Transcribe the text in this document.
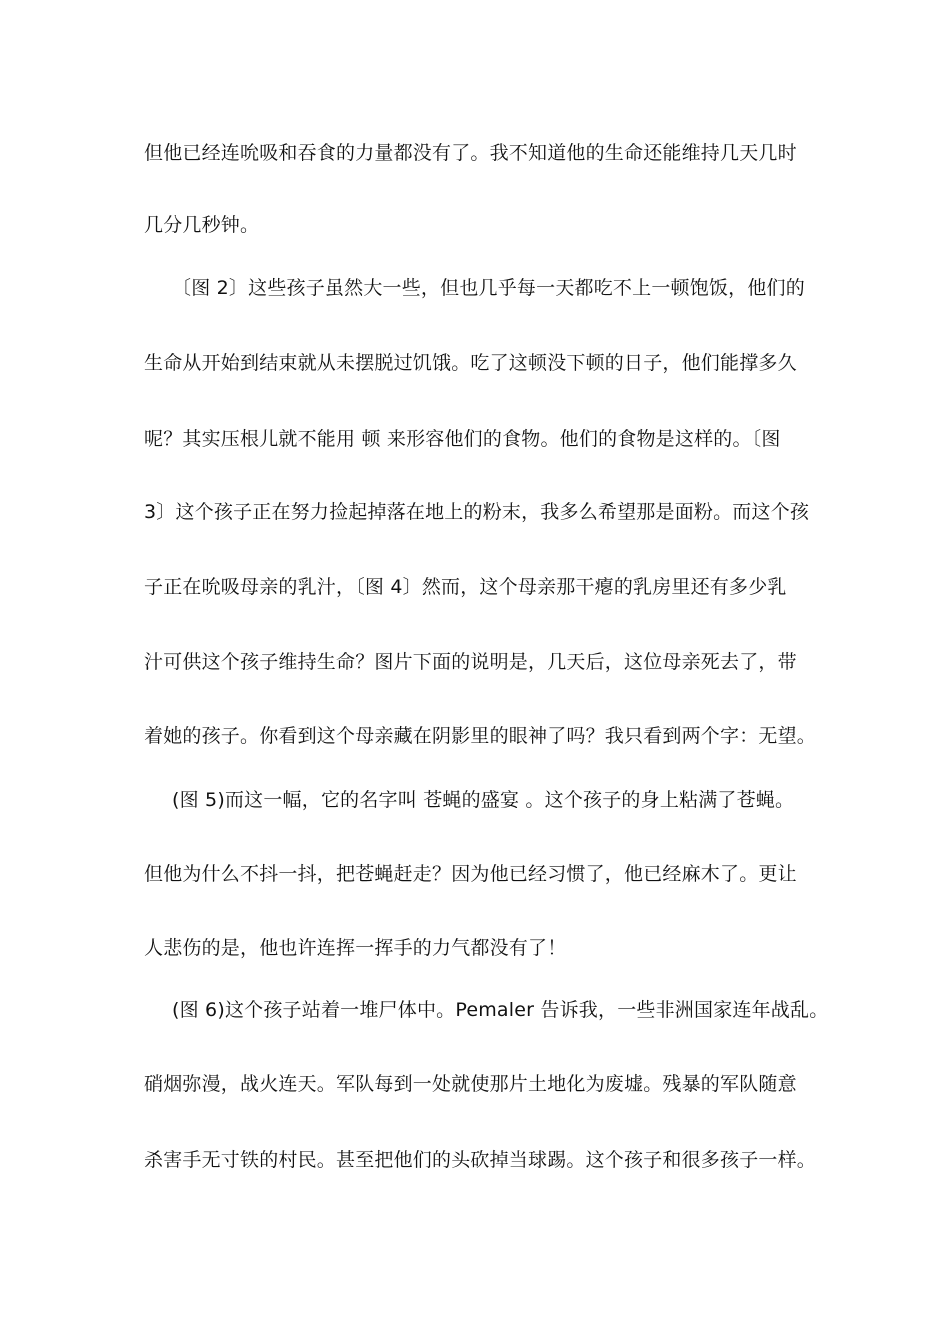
但他已经连吮吸和吞食的力量都没有了。我不知道他的生命还能维持几天几时
几分几秒钟。
〔图 2〕这些孩子虽然大一些，但也几乎每一天都吃不上一顿饱饭，他们的
生命从开始到结束就从未摆脱过饥饿。吃了这顿没下顿的日子，他们能撑多久
呢？其实压根儿就不能用 顿 来形容他们的食物。他们的食物是这样的。〔图
3〕这个孩子正在努力捡起掉落在地上的粉末，我多么希望那是面粉。而这个孩
子正在吮吸母亲的乳汁，〔图 4〕然而，这个母亲那干瘪的乳房里还有多少乳
汁可供这个孩子维持生命？图片下面的说明是，几天后，这位母亲死去了，带
着她的孩子。你看到这个母亲藏在阴影里的眼神了吗？我只看到两个字：无望。
(图 5)而这一幅，它的名字叫 苍蝇的盛宴 。这个孩子的身上粘满了苍蝇。
但他为什么不抖一抖，把苍蝇赶走？因为他已经习惯了，他已经麻木了。更让
人悲伤的是，他也许连挥一挥手的力气都没有了！
(图 6)这个孩子站着一堆尸体中。Pemaler 告诉我，一些非洲国家连年战乱。
硝烟弥漫，战火连天。军队每到一处就使那片土地化为废墟。残暴的军队随意
杀害手无寸铁的村民。甚至把他们的头砍掉当球踢。这个孩子和很多孩子一样。
